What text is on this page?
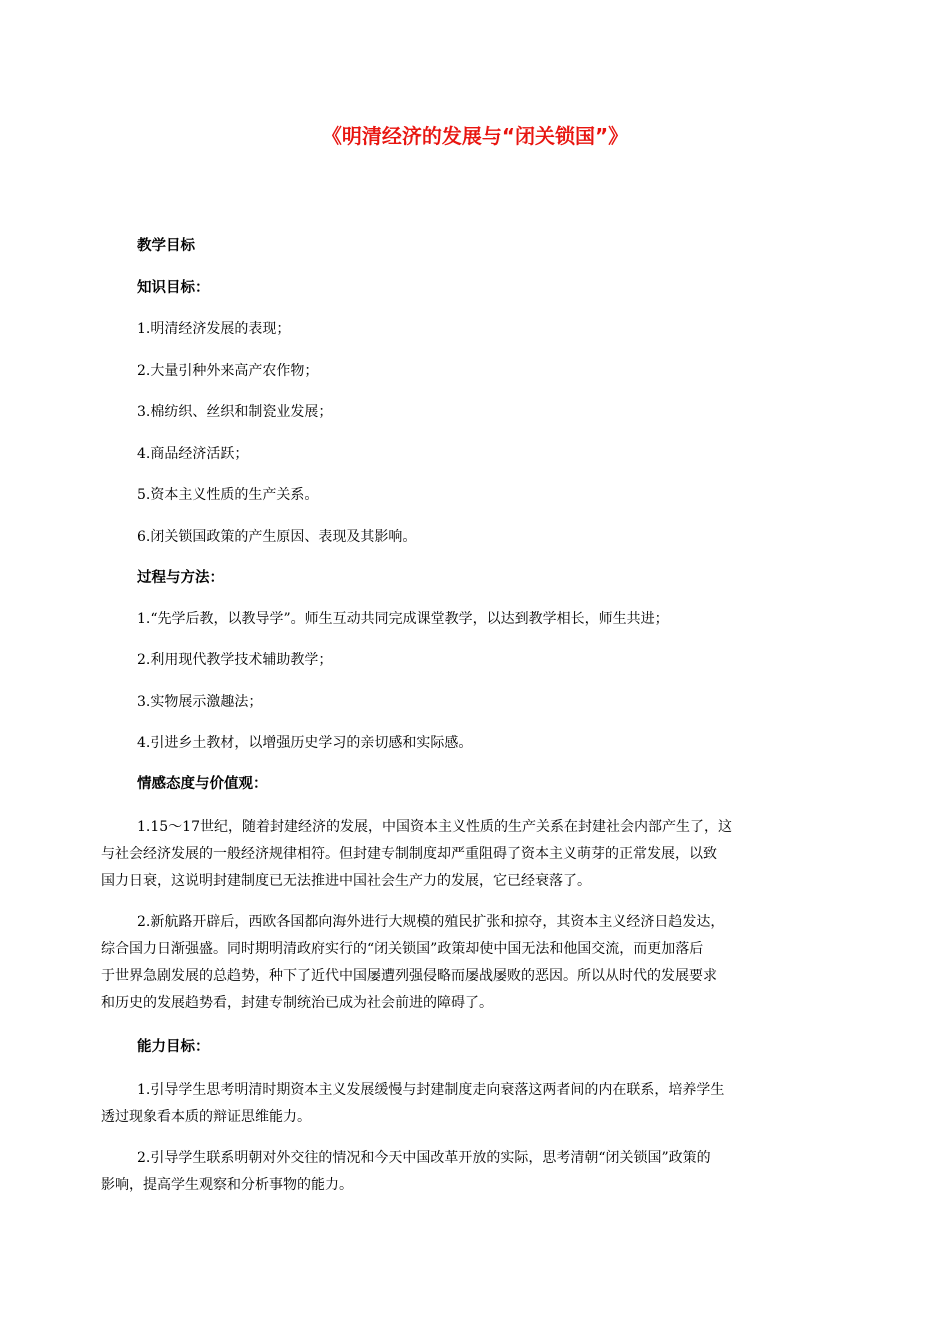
《明清经济的发展与“闭关锁国”》
教学目标
知识目标：
1.明清经济发展的表现；
2.大量引种外来高产农作物；
3.棉纺织、丝织和制瓷业发展；
4.商品经济活跃；
5.资本主义性质的生产关系。
6.闭关锁国政策的产生原因、表现及其影响。
过程与方法：
1.“先学后教，以教导学”。师生互动共同完成课堂教学，以达到教学相长，师生共进；
2.利用现代教学技术辅助教学；
3.实物展示激趣法；
4.引进乡土教材，以增强历史学习的亲切感和实际感。
情感态度与价值观：
1.15～17世纪，随着封建经济的发展，中国资本主义性质的生产关系在封建社会内部产生了，这
与社会经济发展的一般经济规律相符。但封建专制制度却严重阻碍了资本主义萌芽的正常发展，以致
国力日衰，这说明封建制度已无法推进中国社会生产力的发展，它已经衰落了。
2.新航路开辟后，西欧各国都向海外进行大规模的殖民扩张和掠夺，其资本主义经济日趋发达，
综合国力日渐强盛。同时期明清政府实行的“闭关锁国”政策却使中国无法和他国交流，而更加落后
于世界急剧发展的总趋势，种下了近代中国屡遭列强侵略而屡战屡败的恶因。所以从时代的发展要求
和历史的发展趋势看，封建专制统治已成为社会前进的障碍了。
能力目标：
1.引导学生思考明清时期资本主义发展缓慢与封建制度走向衰落这两者间的内在联系，培养学生
透过现象看本质的辩证思维能力。
2.引导学生联系明朝对外交往的情况和今天中国改革开放的实际，思考清朝“闭关锁国”政策的
影响，提高学生观察和分析事物的能力。
